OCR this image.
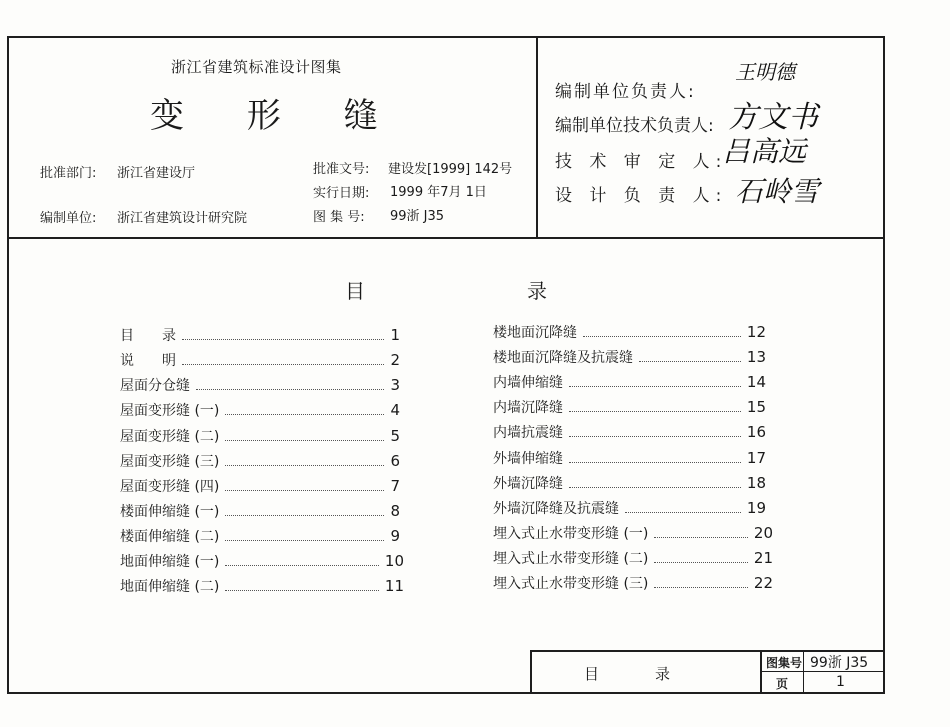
浙江省建筑标准设计图集
变 形 缝
批准部门: 浙江省建设厅
编制单位: 浙江省建筑设计研究院
批准文号: 建设发[1999] 142号
实行日期: 1999 年7月 1日
图 集 号: 99浙 J35
编制单位负责人:
王明德
编制单位技术负责人: 方文书
技 术 审 定 人:
吕高远
设 计 负 责 人: 石岭雪
目	录
目　　录	1
说　　明	2
屋面分仓缝	3
屋面变形缝 (一)	4
屋面变形缝 (二)	5
屋面变形缝 (三)	6
屋面变形缝 (四)	7
楼面伸缩缝 (一)	8
楼面伸缩缝 (二)	9
地面伸缩缝 (一)	10
地面伸缩缝 (二)	11
楼地面沉降缝	12
楼地面沉降缝及抗震缝	13
内墙伸缩缝	14
内墙沉降缝	15
内墙抗震缝	16
外墙伸缩缝	17
外墙沉降缝	18
外墙沉降缝及抗震缝	19
埋入式止水带变形缝 (一)	20
埋入式止水带变形缝 (二)	21
埋入式止水带变形缝 (三)	22
目	录
图集号 99浙 J35
页	1
